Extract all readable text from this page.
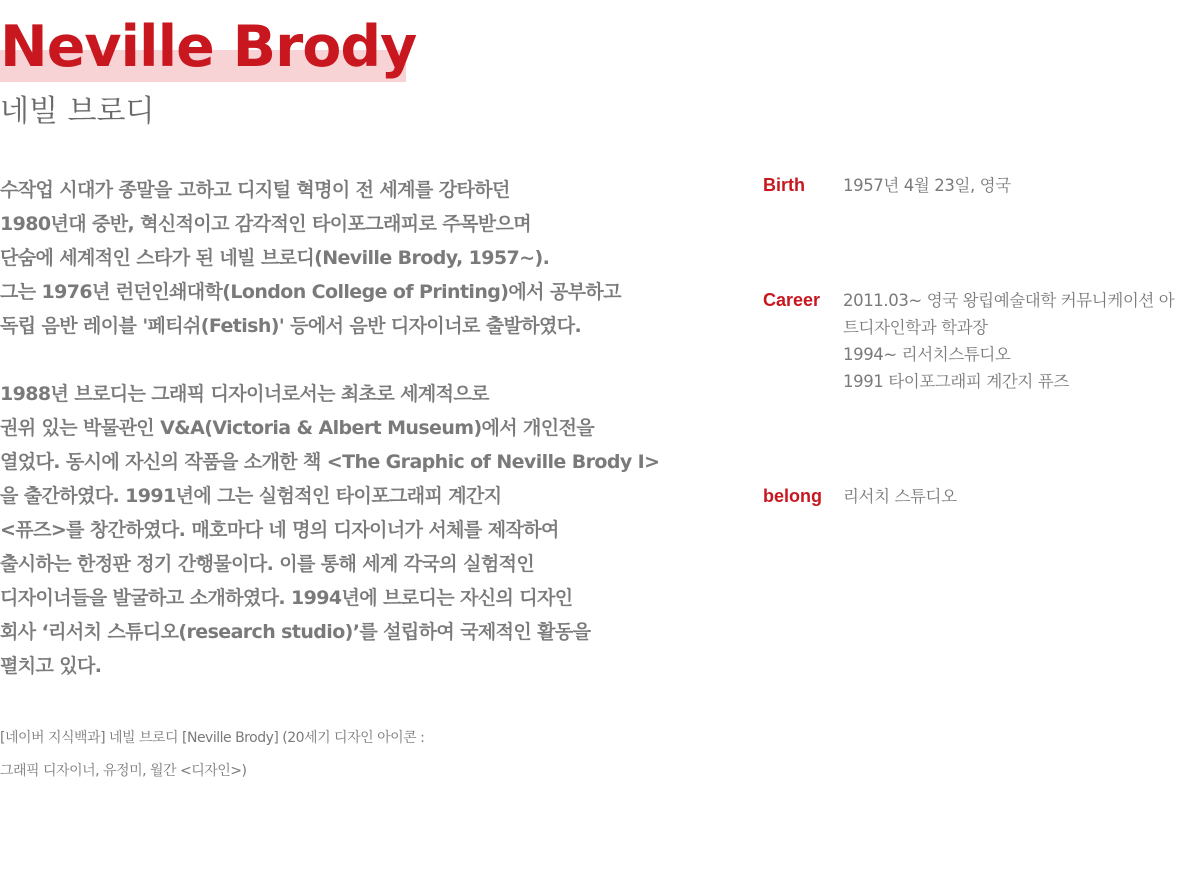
Neville Brody
네빌 브로디

수작업 시대가 종말을 고하고 디지털 혁명이 전 세계를 강타하던
1980년대 중반, 혁신적이고 감각적인 타이포그래피로 주목받으며
단숨에 세계적인 스타가 된 네빌 브로디(Neville Brody, 1957~).
그는 1976년 런던인쇄대학(London College of Printing)에서 공부하고
독립 음반 레이블 '페티쉬(Fetish)' 등에서 음반 디자이너로 출발하였다.

1988년 브로디는 그래픽 디자이너로서는 최초로 세계적으로
권위 있는 박물관인 V&A(Victoria & Albert Museum)에서 개인전을
열었다. 동시에 자신의 작품을 소개한 책 <The Graphic of Neville Brody I>
을 출간하였다. 1991년에 그는 실험적인 타이포그래피 계간지
<퓨즈>를 창간하였다. 매호마다 네 명의 디자이너가 서체를 제작하여
출시하는 한정판 정기 간행물이다. 이를 통해 세계 각국의 실험적인
디자이너들을 발굴하고 소개하였다. 1994년에 브로디는 자신의 디자인
회사 ‘리서치 스튜디오(research studio)’를 설립하여 국제적인 활동을
펼치고 있다.

[네이버 지식백과] 네빌 브로디 [Neville Brody] (20세기 디자인 아이콘 :

그래픽 디자이너, 유정미, 월간 <디자인>)

Birth 1957년 4월 23일, 영국
Career 2011.03~ 영국 왕립예술대학 커뮤니케이션 아
트디자인학과 학과장
1994~ 리서치스튜디오
1991 타이포그래피 계간지 퓨즈
belong 리서치 스튜디오
